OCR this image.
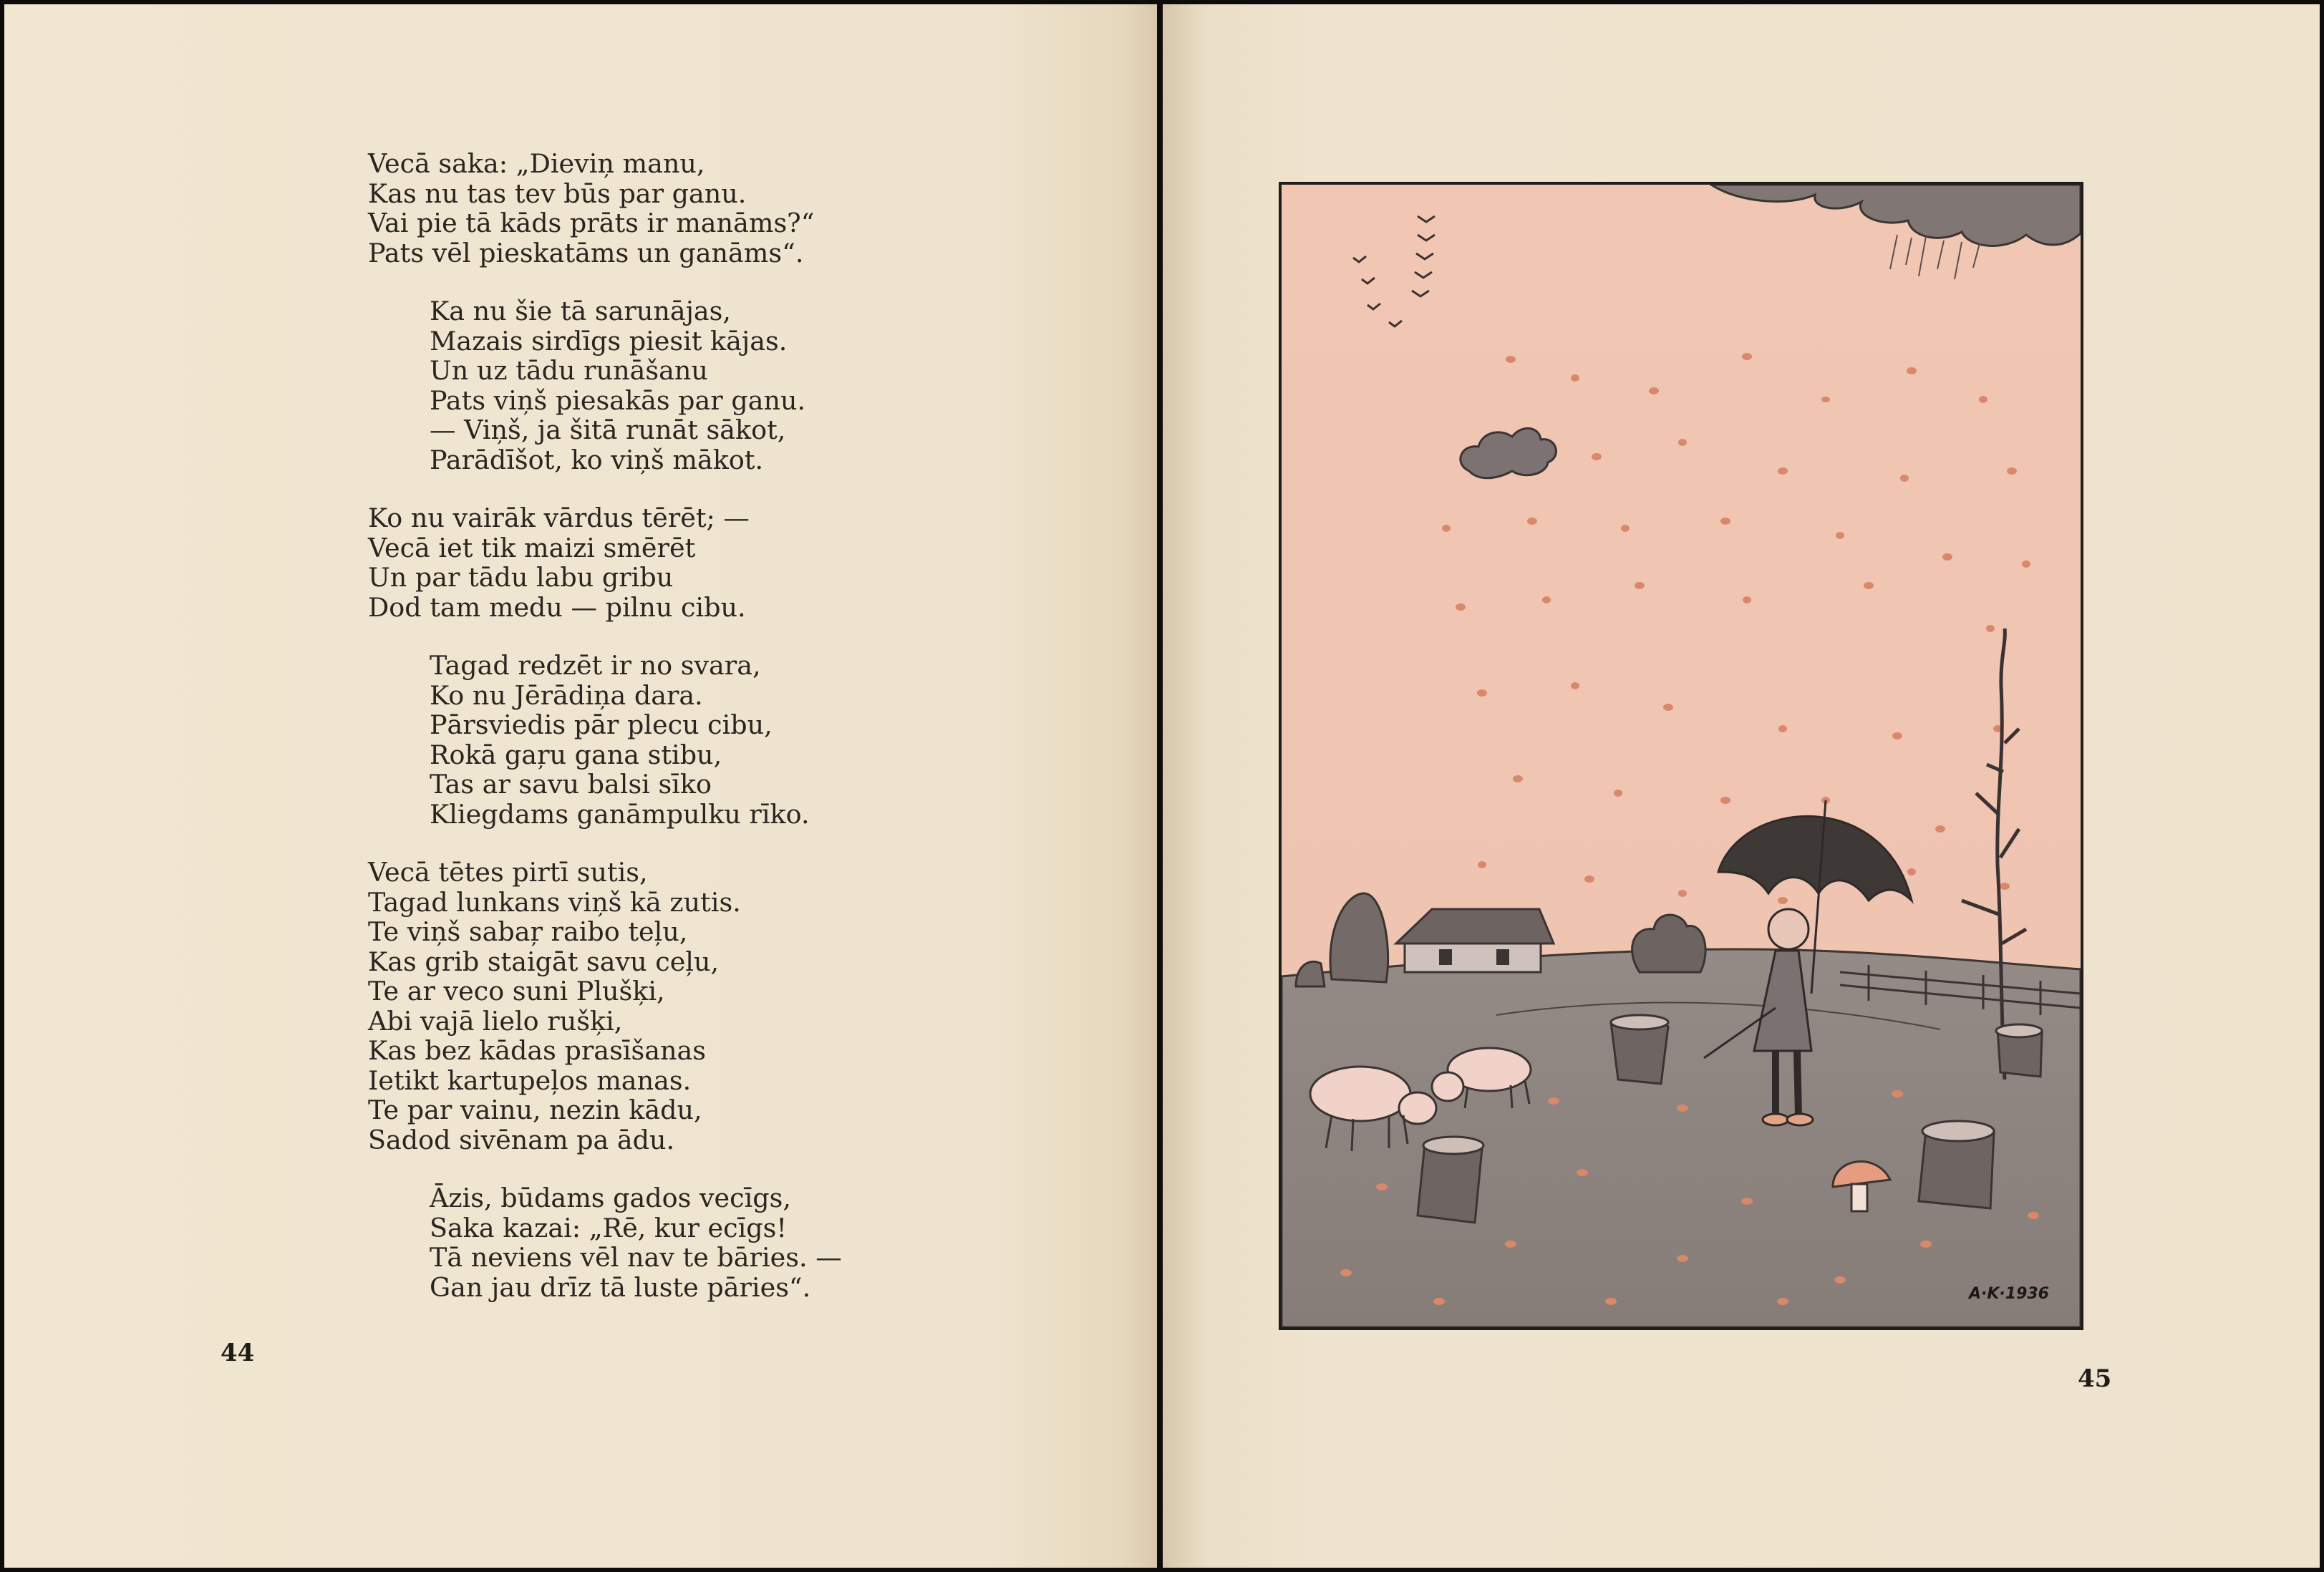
Vecā saka: „Dieviņ manu,
Kas nu tas tev būs par ganu.
Vai pie tā kāds prāts ir manāms?“
Pats vēl pieskatāms un ganāms“.
Ka nu šie tā sarunājas,
Mazais sirdīgs piesit kājas.
Un uz tādu runāšanu
Pats viņš piesakās par ganu.
— Viņš, ja šitā runāt sākot,
Parādīšot, ko viņš mākot.
Ko nu vairāk vārdus tērēt; —
Vecā iet tik maizi smērēt
Un par tādu labu gribu
Dod tam medu — pilnu cibu.
Tagad redzēt ir no svara,
Ko nu Jērādiņa dara.
Pārsviedis pār plecu cibu,
Rokā gaŗu gana stibu,
Tas ar savu balsi sīko
Kliegdams ganāmpulku rīko.
Vecā tētes pirtī sutis,
Tagad lunkans viņš kā zutis.
Te viņš sabaŗ raibo teļu,
Kas grib staigāt savu ceļu,
Te ar veco suni Plušķi,
Abi vajā lielo rušķi,
Kas bez kādas prasīšanas
Ietikt kartupeļos manas.
Te par vainu, nezin kādu,
Sadod sivēnam pa ādu.
Āzis, būdams gados vecīgs,
Saka kazai: „Rē, kur ecīgs!
Tā neviens vēl nav te bāries. —
Gan jau drīz tā luste pāries“.
44
A·K·1936
45
